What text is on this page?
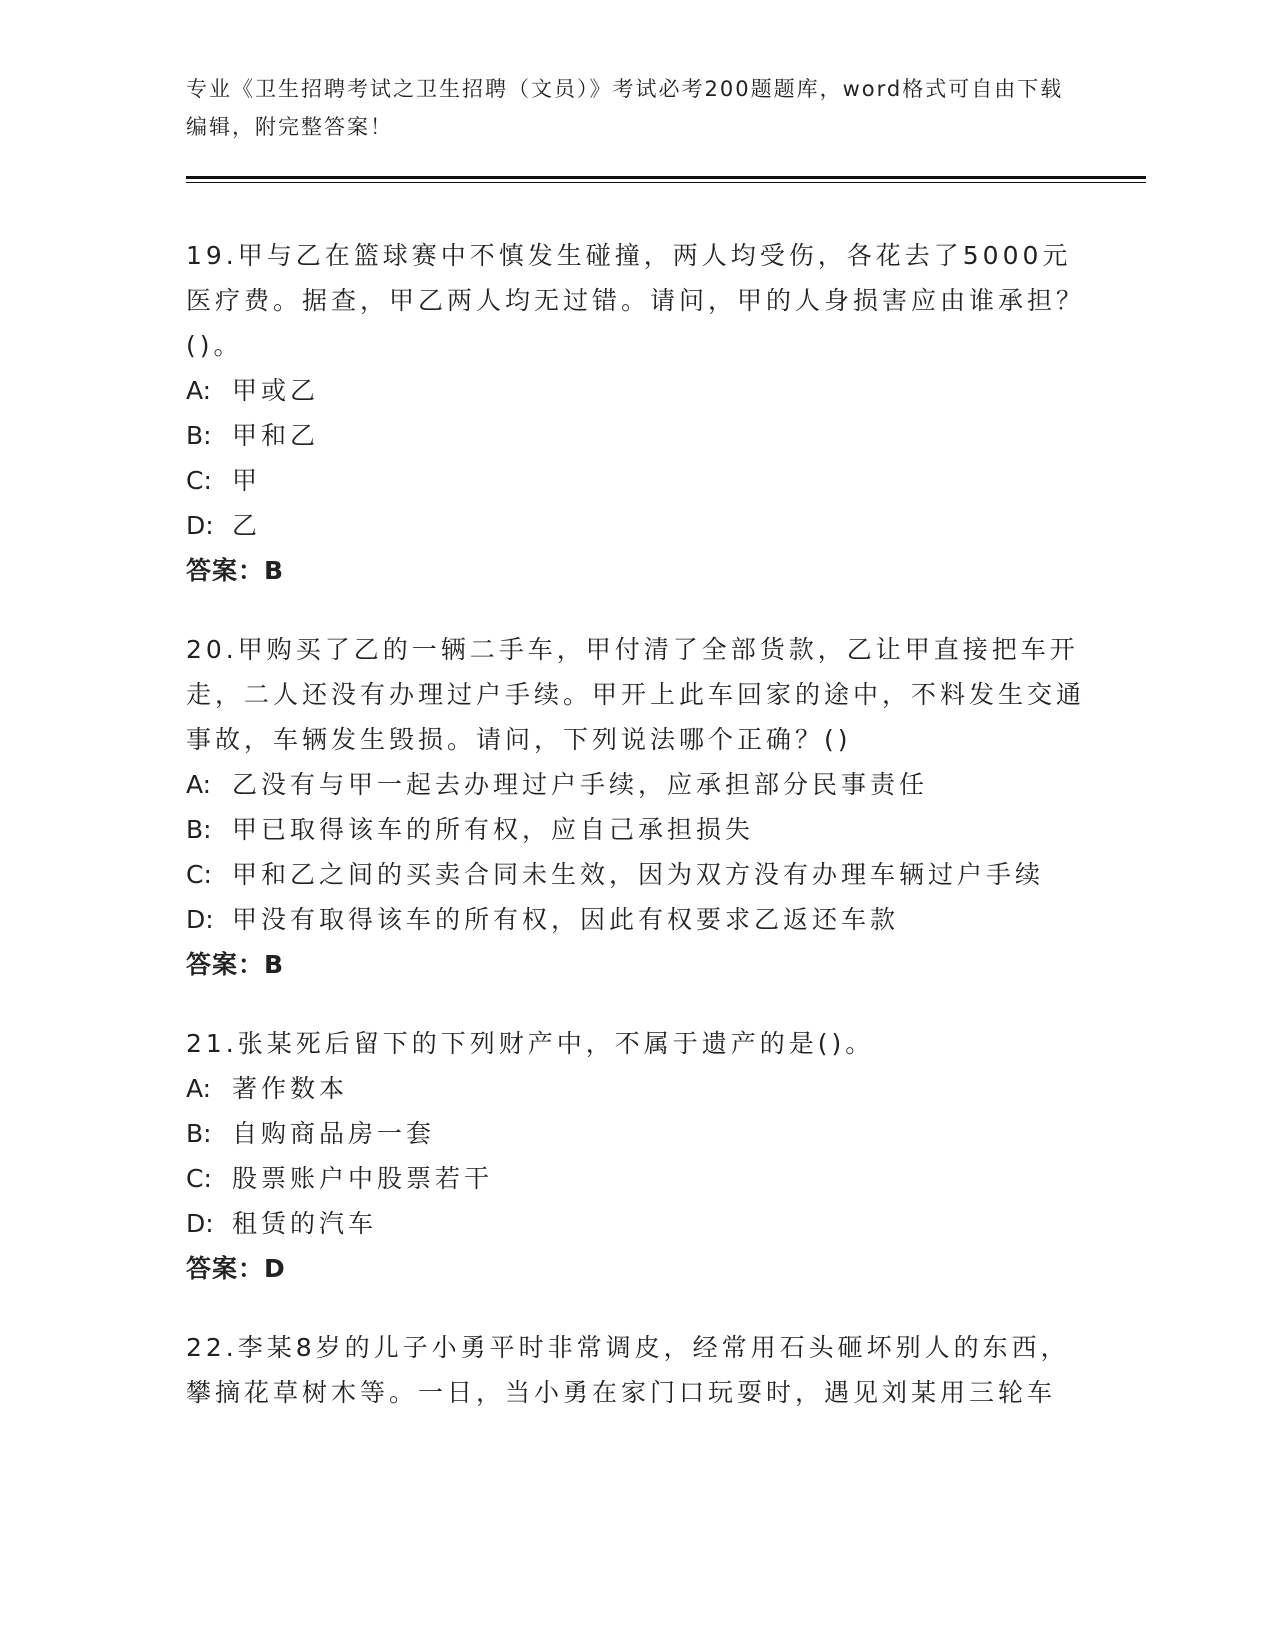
专业《卫生招聘考试之卫生招聘（文员）》考试必考200题题库，word格式可自由下载编辑，附完整答案！

19.甲与乙在篮球赛中不慎发生碰撞，两人均受伤，各花去了5000元医疗费。据查，甲乙两人均无过错。请问，甲的人身损害应由谁承担？()。

A: 甲或乙

B: 甲和乙

C: 甲

D: 乙

答案：B

20.甲购买了乙的一辆二手车，甲付清了全部货款，乙让甲直接把车开走，二人还没有办理过户手续。甲开上此车回家的途中，不料发生交通事故，车辆发生毁损。请问，下列说法哪个正确？()

A: 乙没有与甲一起去办理过户手续，应承担部分民事责任

B: 甲已取得该车的所有权，应自己承担损失

C: 甲和乙之间的买卖合同未生效，因为双方没有办理车辆过户手续

D: 甲没有取得该车的所有权，因此有权要求乙返还车款

答案：B

21.张某死后留下的下列财产中，不属于遗产的是()。

A: 著作数本

B: 自购商品房一套

C: 股票账户中股票若干

D: 租赁的汽车

答案：D

22.李某8岁的儿子小勇平时非常调皮，经常用石头砸坏别人的东西，攀摘花草树木等。一日，当小勇在家门口玩耍时，遇见刘某用三轮车
